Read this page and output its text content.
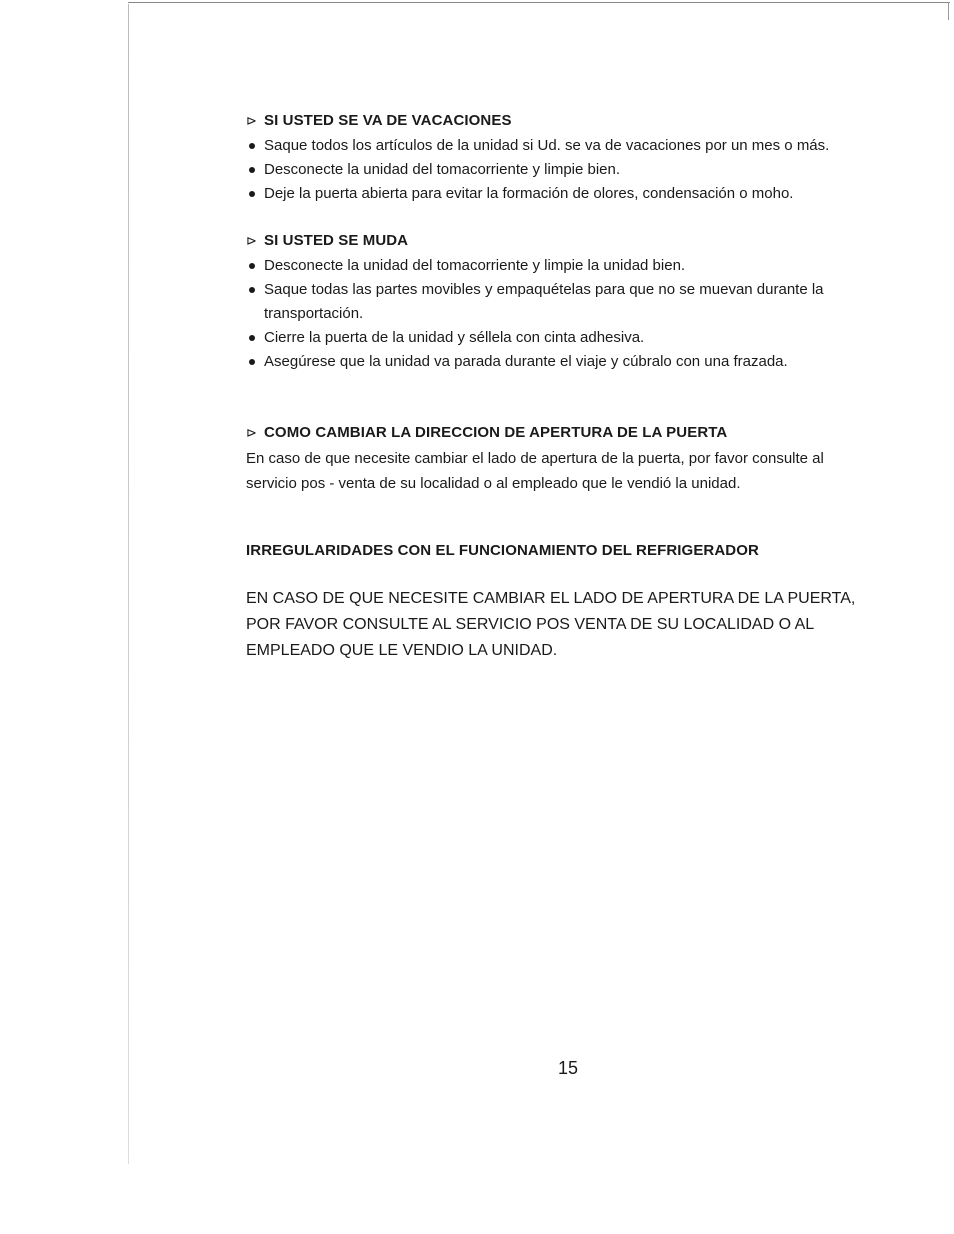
⊳ SI USTED SE VA DE VACACIONES
Saque todos los artículos de la unidad si Ud. se va de vacaciones por un mes o más.
Desconecte la unidad del tomacorriente y limpie bien.
Deje la puerta abierta para evitar la formación de olores, condensación o moho.
⊳ SI USTED SE MUDA
Desconecte la unidad del tomacorriente y limpie la unidad bien.
Saque todas las partes movibles y empaquételas para que no se muevan durante la transportación.
Cierre la puerta de la unidad y séllela con cinta adhesiva.
Asegúrese que la unidad va parada durante el viaje y cúbralo con una frazada.
⊳ COMO CAMBIAR LA DIRECCION DE APERTURA DE LA PUERTA

En caso de que necesite cambiar el lado de apertura de la puerta, por favor consulte al servicio pos - venta de su localidad o al empleado que le vendió la unidad.

IRREGULARIDADES CON EL FUNCIONAMIENTO DEL REFRIGERADOR

EN CASO DE QUE NECESITE CAMBIAR EL LADO DE APERTURA DE LA PUERTA, POR FAVOR CONSULTE AL SERVICIO POS VENTA DE SU LOCALIDAD O AL EMPLEADO QUE LE VENDIO LA UNIDAD.

15
